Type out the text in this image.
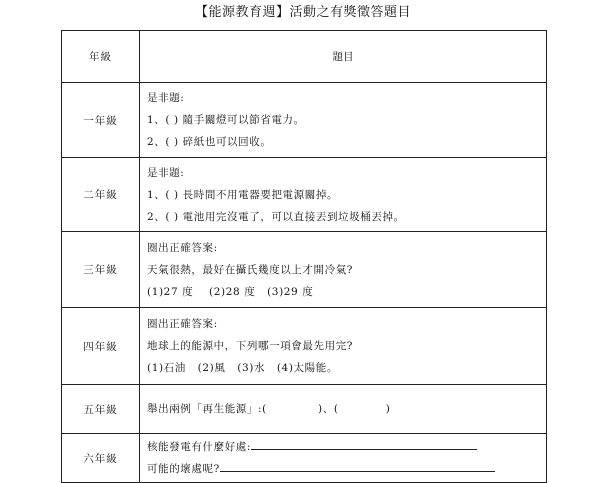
【能源教育週】活動之有獎徵答題目
年級	題目
一年級	是非題:
1、( ) 隨手關燈可以節省電力。
2、( ) 碎紙也可以回收。

二年級	是非題:
1、( ) 長時間不用電器要把電源關掉。
2、( ) 電池用完沒電了，可以直接丟到垃圾桶丟掉。

三年級	圈出正確答案:
天氣很熱，最好在攝氏幾度以上才開冷氣?
(1)27 度    (2)28 度   (3)29 度

四年級	圈出正確答案:
地球上的能源中，下列哪一項會最先用完?
(1)石油   (2)風   (3)水   (4)太陽能。

五年級	舉出兩例「再生能源」:(             )、(            )

六年級	核能發電有什麼好處:
可能的壞處呢?
